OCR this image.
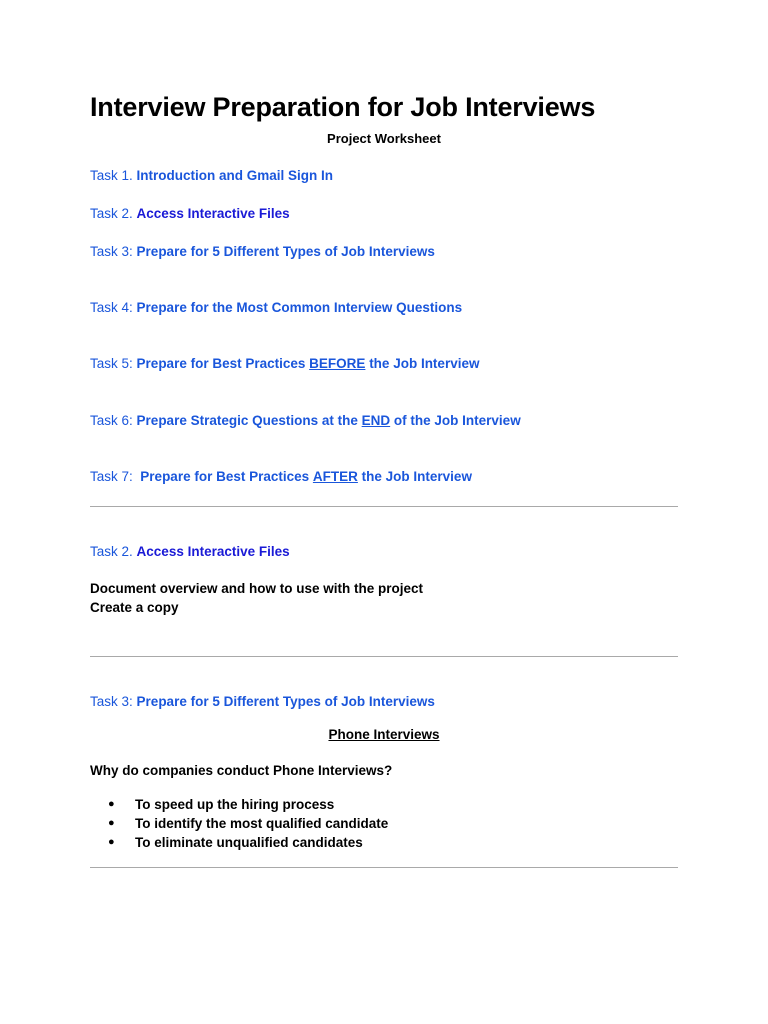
Interview Preparation for Job Interviews
Project Worksheet
Task 1. Introduction and Gmail Sign In
Task 2. Access Interactive Files
Task 3: Prepare for 5 Different Types of Job Interviews
Task 4: Prepare for the Most Common Interview Questions
Task 5: Prepare for Best Practices BEFORE the Job Interview
Task 6: Prepare Strategic Questions at the END of the Job Interview
Task 7: Prepare for Best Practices AFTER the Job Interview
Task 2. Access Interactive Files
Document overview and how to use with the project
Create a copy
Task 3: Prepare for 5 Different Types of Job Interviews
Phone Interviews
Why do companies conduct Phone Interviews?
● To speed up the hiring process
● To identify the most qualified candidate
● To eliminate unqualified candidates
